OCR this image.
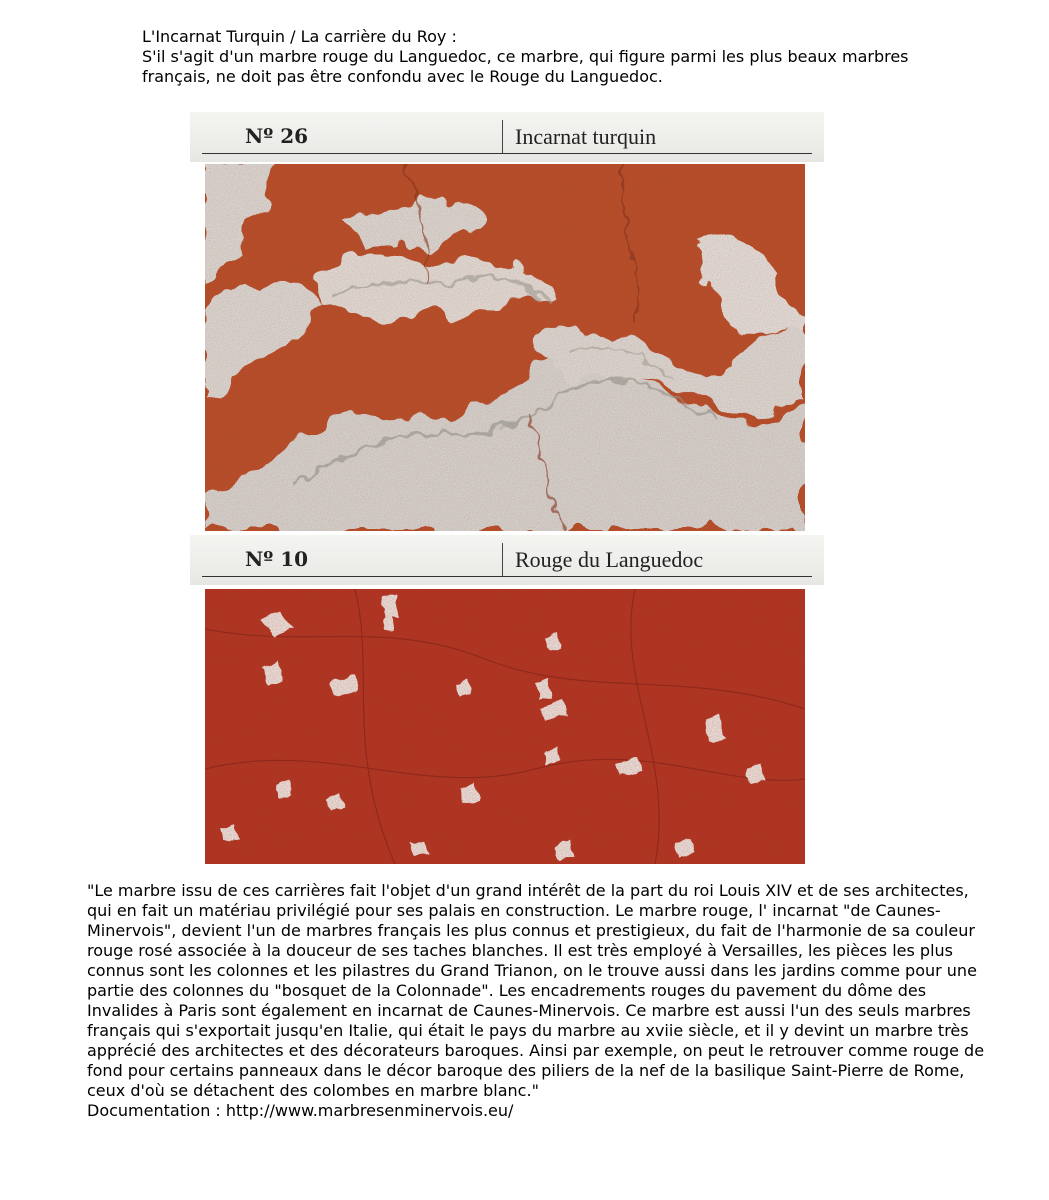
L'Incarnat Turquin / La carrière du Roy :

S'il s'agit d'un marbre rouge du Languedoc, ce marbre, qui figure parmi les plus beaux marbres français, ne doit pas être confondu avec le Rouge du Languedoc.

Nº 26	Incarnat turquin
Nº 10	Rouge du Languedoc

"Le marbre issu de ces carrières fait l'objet d'un grand intérêt de la part du roi Louis XIV et de ses architectes, qui en fait un matériau privilégié pour ses palais en construction. Le marbre rouge, l' incarnat "de Caunes-Minervois", devient l'un de marbres français les plus connus et prestigieux, du fait de l'harmonie de sa couleur rouge rosé associée à la douceur de ses taches blanches. Il est très employé à Versailles, les pièces les plus connus sont les colonnes et les pilastres du Grand Trianon, on le trouve aussi dans les jardins comme pour une partie des colonnes du "bosquet de la Colonnade". Les encadrements rouges du pavement du dôme des Invalides à Paris sont également en incarnat de Caunes-Minervois. Ce marbre est aussi l'un des seuls marbres français qui s'exportait jusqu'en Italie, qui était le pays du marbre au xviie siècle, et il y devint un marbre très apprécié des architectes et des décorateurs baroques. Ainsi par exemple, on peut le retrouver comme rouge de fond pour certains panneaux dans le décor baroque des piliers de la nef de la basilique Saint-Pierre de Rome, ceux d'où se détachent des colombes en marbre blanc."

Documentation : http://www.marbresenminervois.eu/
